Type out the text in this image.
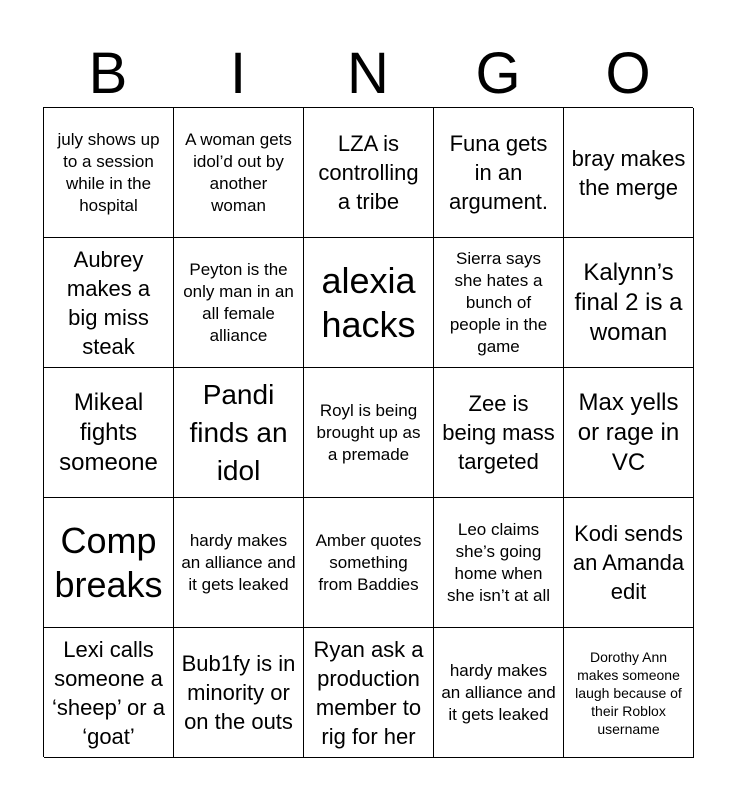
B	I	N	G	O
july shows up to a session while in the hospital
A woman gets idol’d out by another woman
LZA is controlling a tribe
Funa gets in an argument.
bray makes the merge
Aubrey makes a big miss steak
Peyton is the only man in an all female alliance
alexia hacks
Sierra says she hates a bunch of people in the game
Kalynn’s final 2 is a woman
Mikeal fights someone
Pandi finds an idol
Royl is being brought up as a premade
Zee is being mass targeted
Max yells or rage in VC
Comp breaks
hardy makes an alliance and it gets leaked
Amber quotes something from Baddies
Leo claims she’s going home when she isn’t at all
Kodi sends an Amanda edit
Lexi calls someone a ‘sheep’ or a ‘goat’
Bub1fy is in minority or on the outs
Ryan ask a production member to rig for her
hardy makes an alliance and it gets leaked
Dorothy Ann makes someone laugh because of their Roblox username
